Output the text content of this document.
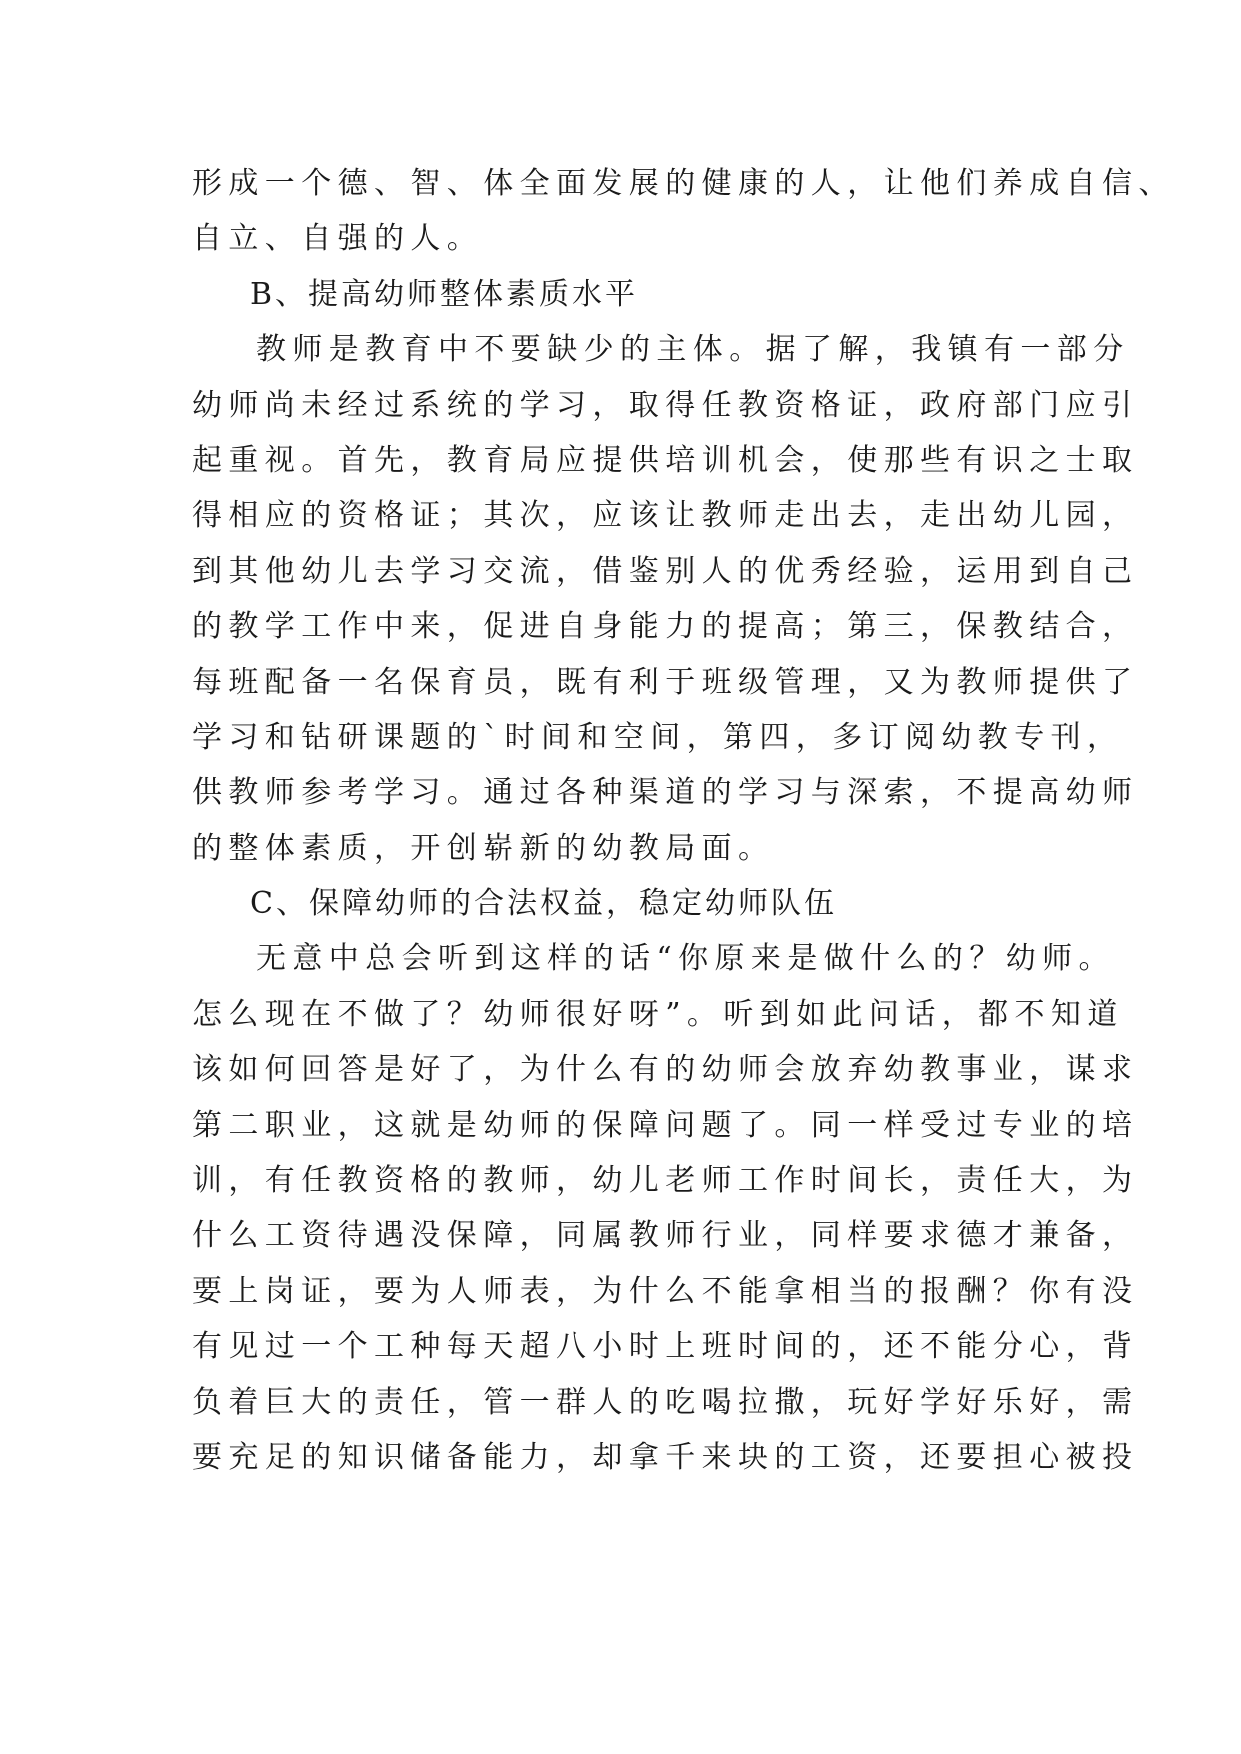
形成一个德、智、体全面发展的健康的人，让他们养成自信、
自立、自强的人。
B、提高幼师整体素质水平
教师是教育中不要缺少的主体。据了解，我镇有一部分
幼师尚未经过系统的学习，取得任教资格证，政府部门应引
起重视。首先，教育局应提供培训机会，使那些有识之士取
得相应的资格证；其次，应该让教师走出去，走出幼儿园，
到其他幼儿去学习交流，借鉴别人的优秀经验，运用到自己
的教学工作中来，促进自身能力的提高；第三，保教结合，
每班配备一名保育员，既有利于班级管理，又为教师提供了
学习和钻研课题的`时间和空间，第四，多订阅幼教专刊，
供教师参考学习。通过各种渠道的学习与深索，不提高幼师
的整体素质，开创崭新的幼教局面。
C、保障幼师的合法权益，稳定幼师队伍
无意中总会听到这样的话“你原来是做什么的？幼师。
怎么现在不做了？幼师很好呀”。听到如此问话，都不知道
该如何回答是好了，为什么有的幼师会放弃幼教事业，谋求
第二职业，这就是幼师的保障问题了。同一样受过专业的培
训，有任教资格的教师，幼儿老师工作时间长，责任大，为
什么工资待遇没保障，同属教师行业，同样要求德才兼备，
要上岗证，要为人师表，为什么不能拿相当的报酬？你有没
有见过一个工种每天超八小时上班时间的，还不能分心，背
负着巨大的责任，管一群人的吃喝拉撒，玩好学好乐好，需
要充足的知识储备能力，却拿千来块的工资，还要担心被投
